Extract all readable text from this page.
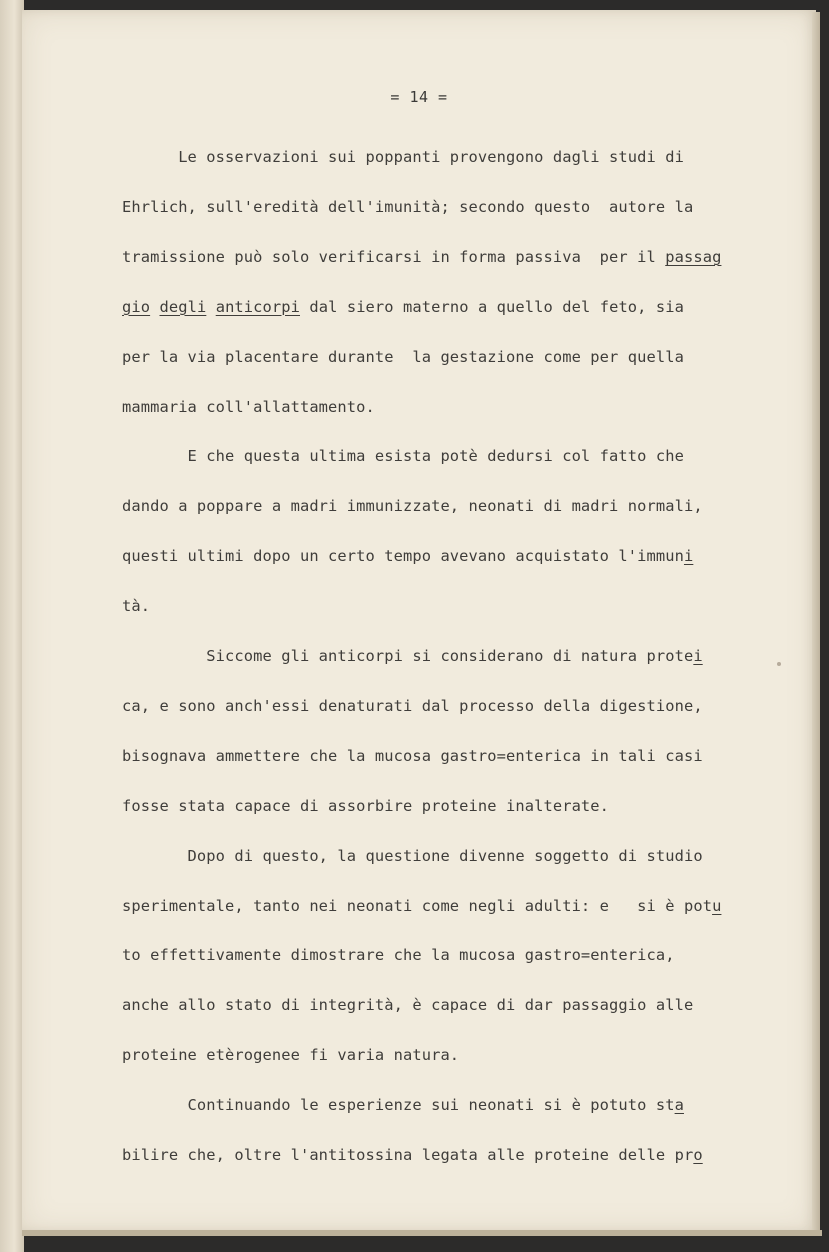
= 14 =
Le osservazioni sui poppanti provengono dagli studi di
Ehrlich, sull'eredità dell'imunità; secondo questo  autore la
tramissione può solo verificarsi in forma passiva  per il passag
gio degli anticorpi dal siero materno a quello del feto, sia
per la via placentare durante  la gestazione come per quella
mammaria coll'allattamento.
E che questa ultima esista potè dedursi col fatto che
dando a poppare a madri immunizzate, neonati di madri normali,
questi ultimi dopo un certo tempo avevano acquistato l'immuni
tà.
Siccome gli anticorpi si considerano di natura protei
ca, e sono anch'essi denaturati dal processo della digestione,
bisognava ammettere che la mucosa gastro=enterica in tali casi
fosse stata capace di assorbire proteine inalterate.
Dopo di questo, la questione divenne soggetto di studio
sperimentale, tanto nei neonati come negli adulti: e   si è potu
to effettivamente dimostrare che la mucosa gastro=enterica,
anche allo stato di integrità, è capace di dar passaggio alle
proteine etèrogenee fi varia natura.
Continuando le esperienze sui neonati si è potuto sta
bilire che, oltre l'antitossina legata alle proteine delle pro
